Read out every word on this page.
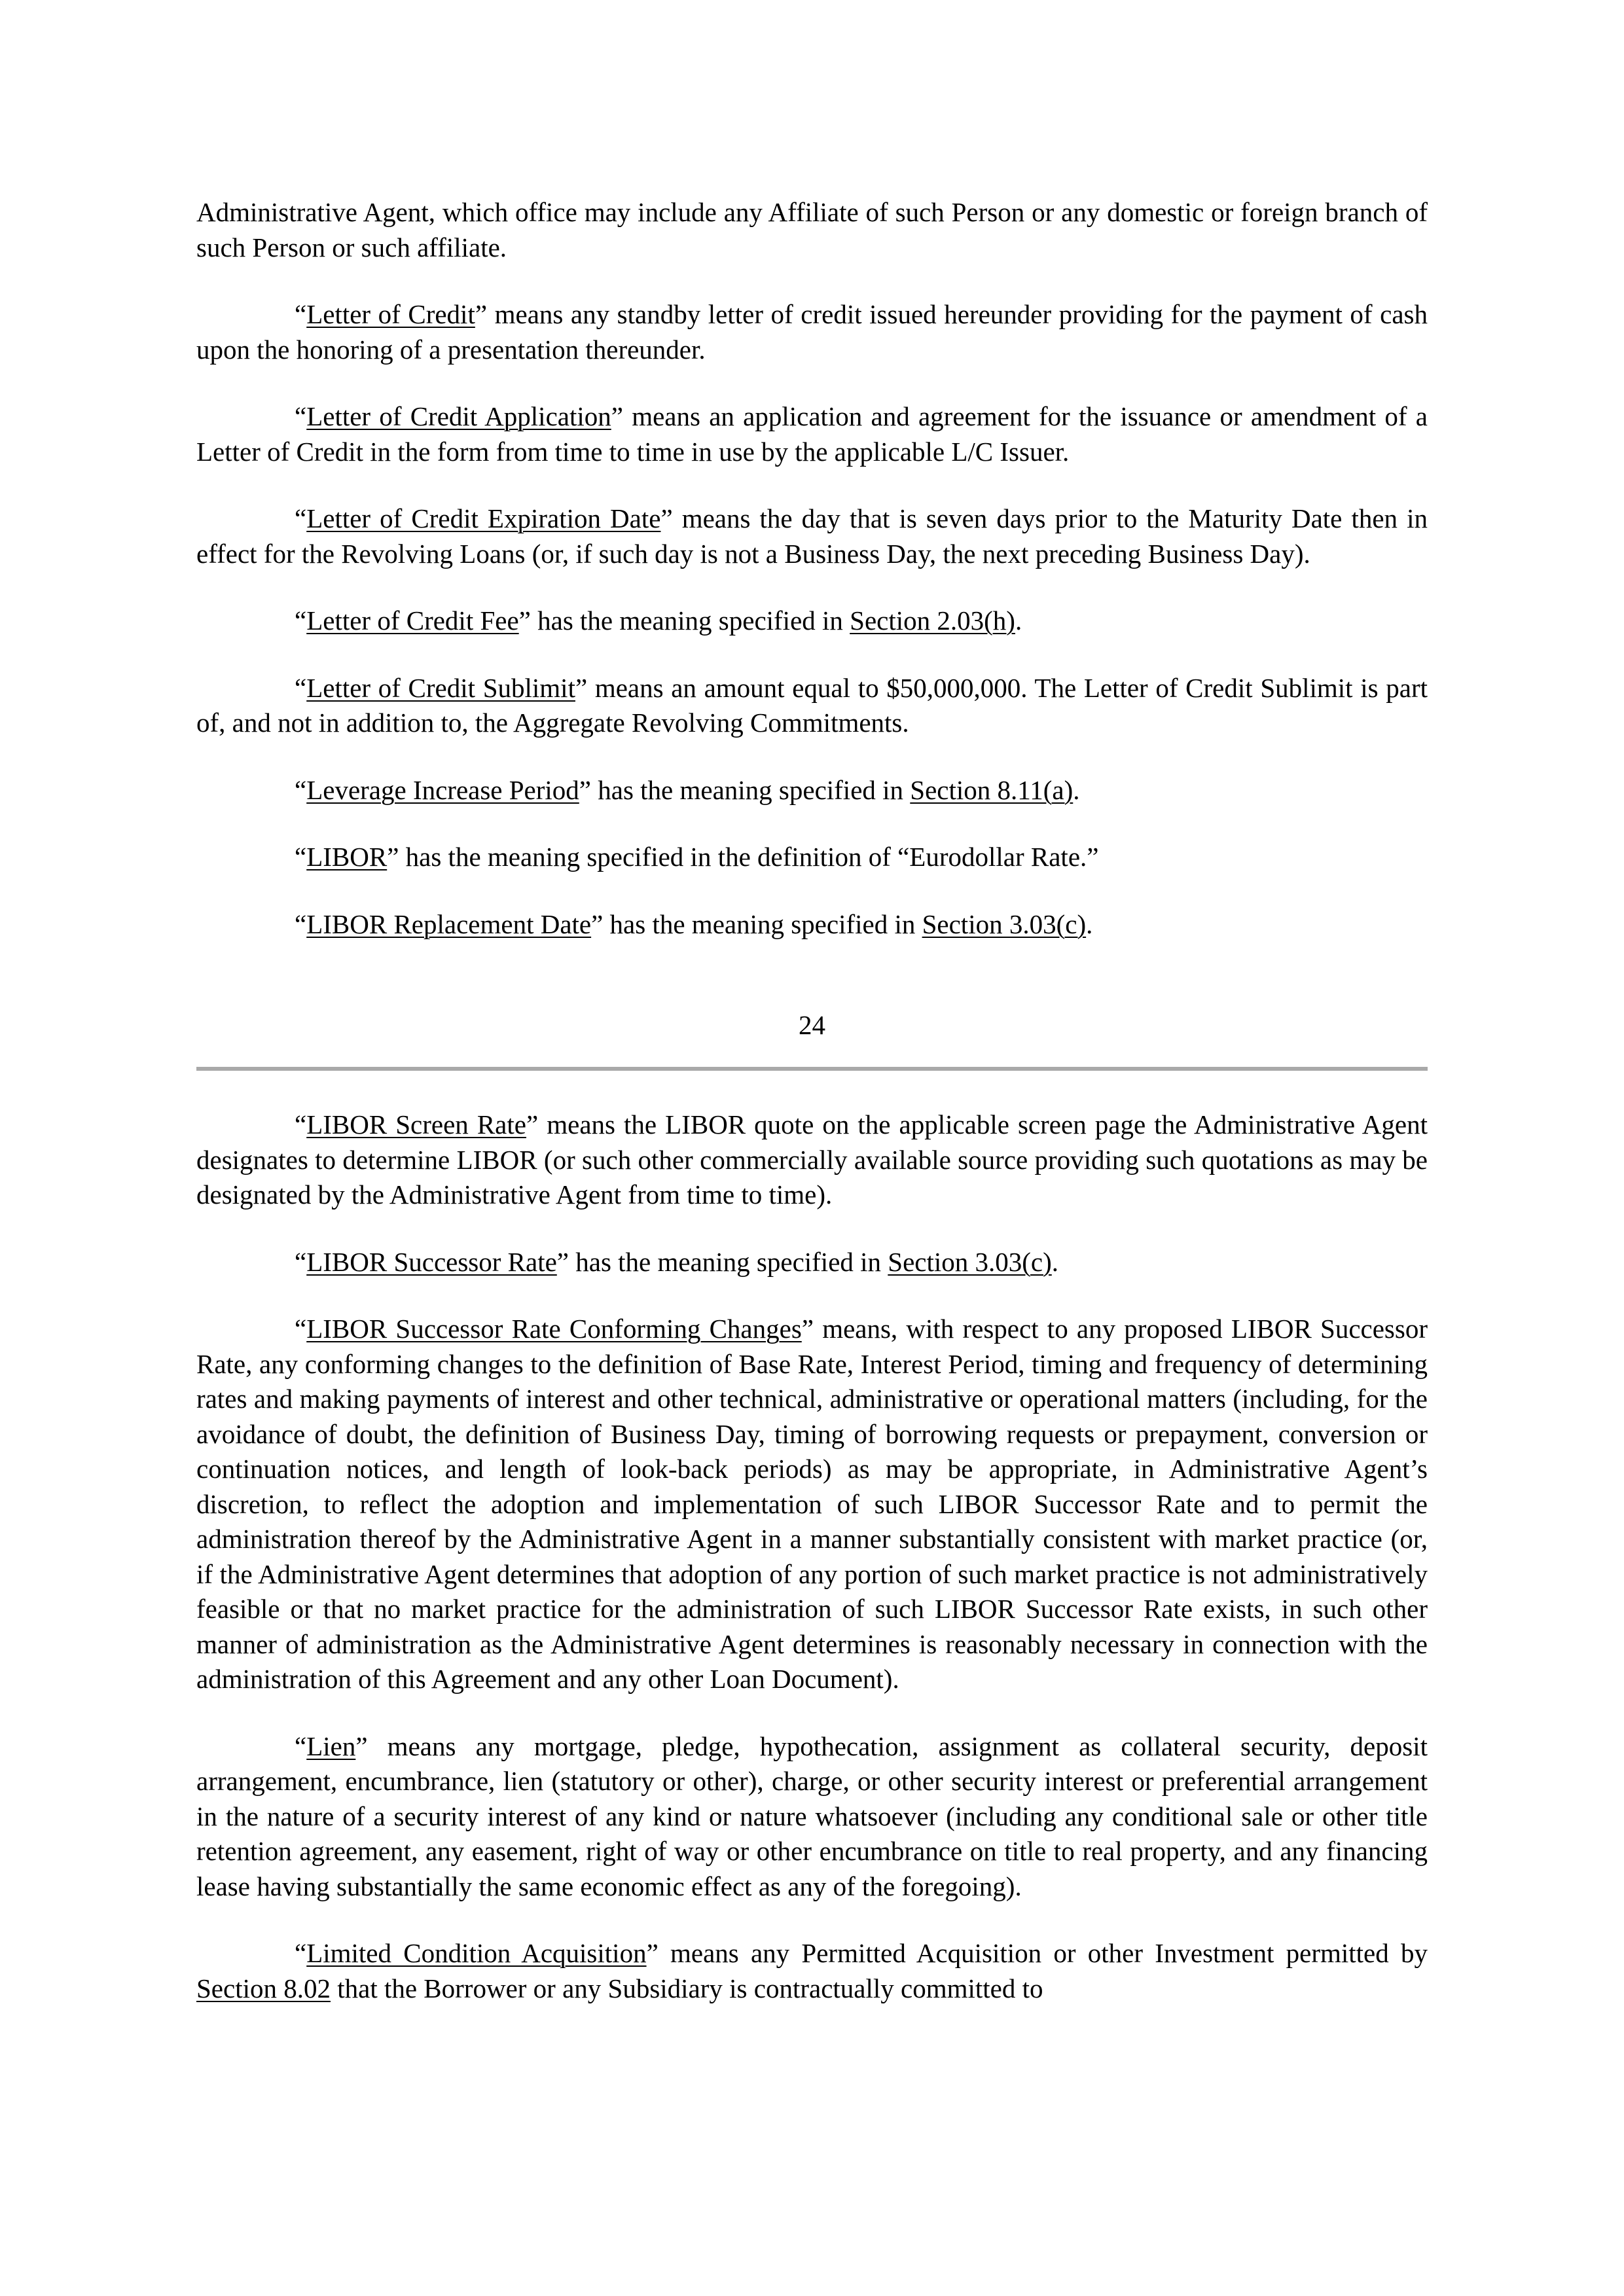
Administrative Agent, which office may include any Affiliate of such Person or any domestic or foreign branch of such Person or such affiliate.

“Letter of Credit” means any standby letter of credit issued hereunder providing for the payment of cash upon the honoring of a presentation thereunder.

“Letter of Credit Application” means an application and agreement for the issuance or amendment of a Letter of Credit in the form from time to time in use by the applicable L/C Issuer.

“Letter of Credit Expiration Date” means the day that is seven days prior to the Maturity Date then in effect for the Revolving Loans (or, if such day is not a Business Day, the next preceding Business Day).

“Letter of Credit Fee” has the meaning specified in Section 2.03(h).

“Letter of Credit Sublimit” means an amount equal to $50,000,000. The Letter of Credit Sublimit is part of, and not in addition to, the Aggregate Revolving Commitments.

“Leverage Increase Period” has the meaning specified in Section 8.11(a).

“LIBOR” has the meaning specified in the definition of “Eurodollar Rate.”

“LIBOR Replacement Date” has the meaning specified in Section 3.03(c).

24

“LIBOR Screen Rate” means the LIBOR quote on the applicable screen page the Administrative Agent designates to determine LIBOR (or such other commercially available source providing such quotations as may be designated by the Administrative Agent from time to time).

“LIBOR Successor Rate” has the meaning specified in Section 3.03(c).

“LIBOR Successor Rate Conforming Changes” means, with respect to any proposed LIBOR Successor Rate, any conforming changes to the definition of Base Rate, Interest Period, timing and frequency of determining rates and making payments of interest and other technical, administrative or operational matters (including, for the avoidance of doubt, the definition of Business Day, timing of borrowing requests or prepayment, conversion or continuation notices, and length of look-back periods) as may be appropriate, in Administrative Agent’s discretion, to reflect the adoption and implementation of such LIBOR Successor Rate and to permit the administration thereof by the Administrative Agent in a manner substantially consistent with market practice (or, if the Administrative Agent determines that adoption of any portion of such market practice is not administratively feasible or that no market practice for the administration of such LIBOR Successor Rate exists, in such other manner of administration as the Administrative Agent determines is reasonably necessary in connection with the administration of this Agreement and any other Loan Document).

“Lien” means any mortgage, pledge, hypothecation, assignment as collateral security, deposit arrangement, encumbrance, lien (statutory or other), charge, or other security interest or preferential arrangement in the nature of a security interest of any kind or nature whatsoever (including any conditional sale or other title retention agreement, any easement, right of way or other encumbrance on title to real property, and any financing lease having substantially the same economic effect as any of the foregoing).

“Limited Condition Acquisition” means any Permitted Acquisition or other Investment permitted by Section 8.02 that the Borrower or any Subsidiary is contractually committed to
